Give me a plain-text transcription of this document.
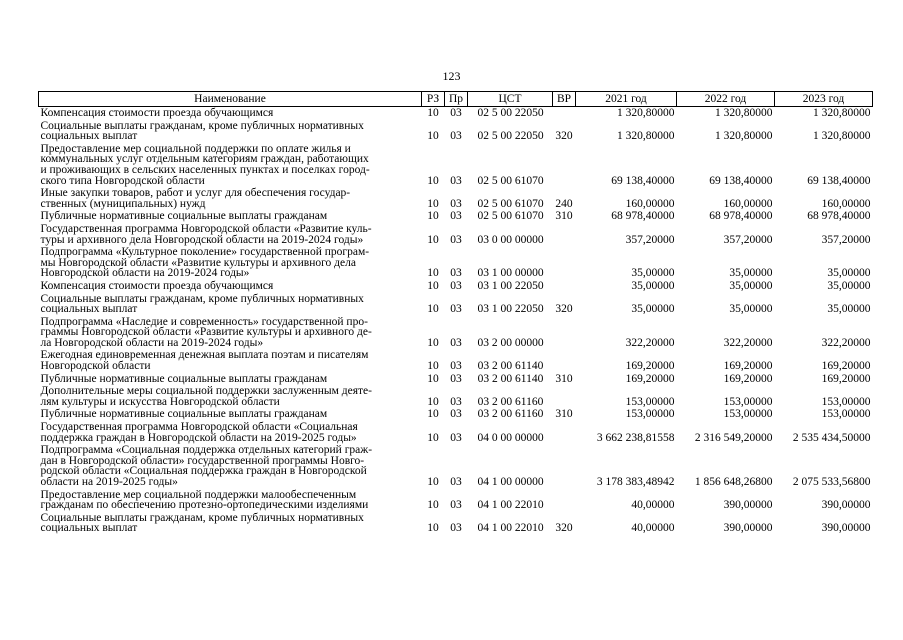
123
Наименование	РЗ	Пр	ЦСТ	ВР	2021 год	2022 год	2023 год
Компенсация стоимости проезда обучающимся	10	03	02 5 00 22050		1 320,80000	1 320,80000	1 320,80000
Социальные выплаты гражданам, кроме публичных нормативных
социальных выплат	10	03	02 5 00 22050	320	1 320,80000	1 320,80000	1 320,80000
Предоставление мер социальной поддержки по оплате жилья и
коммунальных услуг отдельным категориям граждан, работающих
и проживающих в сельских населенных пунктах и поселках город-
ского типа Новгородской области	10	03	02 5 00 61070		69 138,40000	69 138,40000	69 138,40000
Иные закупки товаров, работ и услуг для обеспечения государ-
ственных (муниципальных) нужд	10	03	02 5 00 61070	240	160,00000	160,00000	160,00000
Публичные нормативные социальные выплаты гражданам	10	03	02 5 00 61070	310	68 978,40000	68 978,40000	68 978,40000
Государственная программа Новгородской области «Развитие куль-
туры и архивного дела Новгородской области на 2019-2024 годы»	10	03	03 0 00 00000		357,20000	357,20000	357,20000
Подпрограмма «Культурное поколение» государственной програм-
мы Новгородской области «Развитие культуры и архивного дела
Новгородской области на 2019-2024 годы»	10	03	03 1 00 00000		35,00000	35,00000	35,00000
Компенсация стоимости проезда обучающимся	10	03	03 1 00 22050		35,00000	35,00000	35,00000
Социальные выплаты гражданам, кроме публичных нормативных
социальных выплат	10	03	03 1 00 22050	320	35,00000	35,00000	35,00000
Подпрограмма «Наследие и современность» государственной про-
граммы Новгородской области «Развитие культуры и архивного де-
ла Новгородской области на 2019-2024 годы»	10	03	03 2 00 00000		322,20000	322,20000	322,20000
Ежегодная единовременная денежная выплата поэтам и писателям
Новгородской области	10	03	03 2 00 61140		169,20000	169,20000	169,20000
Публичные нормативные социальные выплаты гражданам	10	03	03 2 00 61140	310	169,20000	169,20000	169,20000
Дополнительные меры социальной поддержки заслуженным деяте-
лям культуры и искусства Новгородской области	10	03	03 2 00 61160		153,00000	153,00000	153,00000
Публичные нормативные социальные выплаты гражданам	10	03	03 2 00 61160	310	153,00000	153,00000	153,00000
Государственная программа Новгородской области «Социальная
поддержка граждан в Новгородской области на 2019-2025 годы»	10	03	04 0 00 00000		3 662 238,81558	2 316 549,20000	2 535 434,50000
Подпрограмма «Социальная поддержка отдельных категорий граж-
дан в Новгородской области» государственной программы Новго-
родской области «Социальная поддержка граждан в Новгородской
области на 2019-2025 годы»	10	03	04 1 00 00000		3 178 383,48942	1 856 648,26800	2 075 533,56800
Предоставление мер социальной поддержки малообеспеченным
гражданам по обеспечению протезно-ортопедическими изделиями	10	03	04 1 00 22010		40,00000	390,00000	390,00000
Социальные выплаты гражданам, кроме публичных нормативных
социальных выплат	10	03	04 1 00 22010	320	40,00000	390,00000	390,00000
